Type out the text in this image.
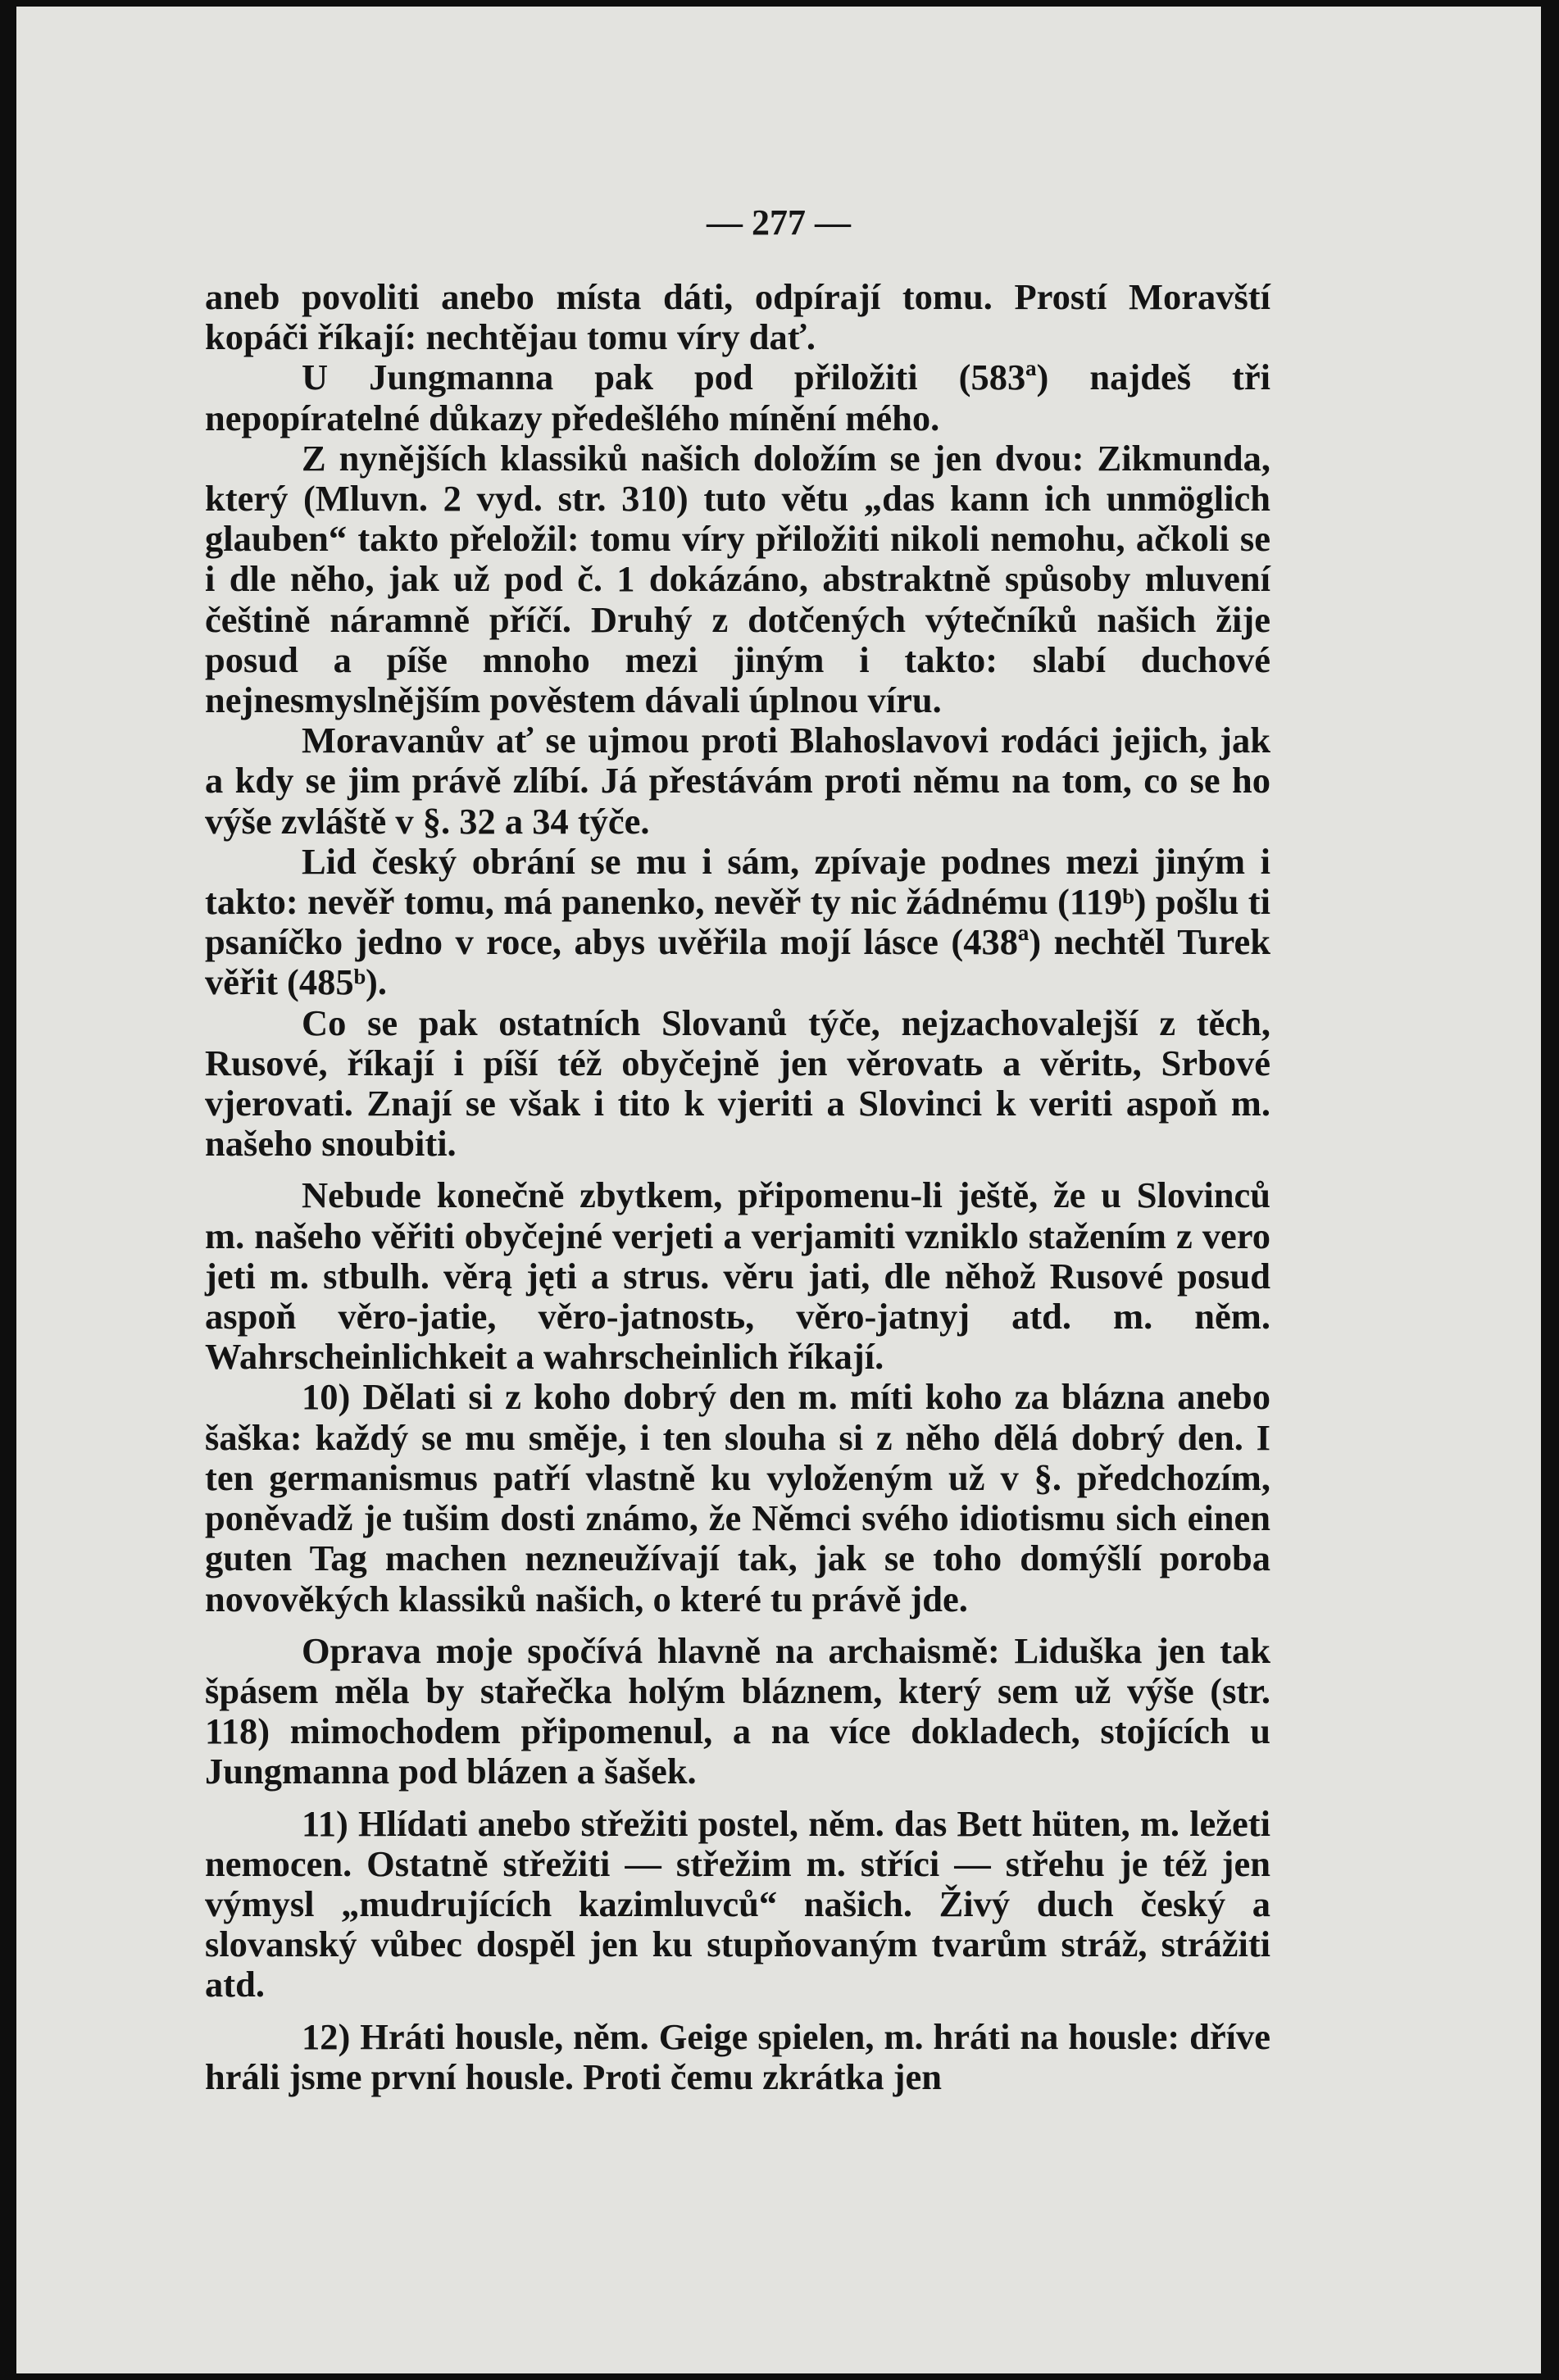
— 277 —

aneb povoliti anebo místa dáti, odpírají tomu. Prostí Moravští kopáči říkají: nechtějau tomu víry dať.

U Jungmanna pak pod přiložiti (583ª) najdeš tři nepopíratelné důkazy předešlého mínění mého.

Z nynějších klassiků našich doložím se jen dvou: Zikmunda, který (Mluvn. 2 vyd. str. 310) tuto větu „das kann ich unmöglich glauben“ takto přeložil: tomu víry přiložiti nikoli nemohu, ačkoli se i dle něho, jak už pod č. 1 dokázáno, abstraktně spůsoby mluvení češtině náramně příčí. Druhý z dotčených výtečníků našich žije posud a píše mnoho mezi jiným i takto: slabí duchové nejnesmyslnějším pověstem dávali úplnou víru.

Moravanův ať se ujmou proti Blahoslavovi rodáci jejich, jak a kdy se jim právě zlíbí. Já přestávám proti němu na tom, co se ho výše zvláště v §. 32 a 34 týče.

Lid český obrání se mu i sám, zpívaje podnes mezi jiným i takto: nevěř tomu, má panenko, nevěř ty nic žádnému (119ᵇ) pošlu ti psaníčko jedno v roce, abys uvěřila mojí lásce (438ª) nechtěl Turek věřit (485ᵇ).

Co se pak ostatních Slovanů týče, nejzachovalejší z těch, Rusové, říkají i píší též obyčejně jen věrovatь a věritь, Srbové vjerovati. Znají se však i tito k vjeriti a Slovinci k veriti aspoň m. našeho snoubiti.

Nebude konečně zbytkem, připomenu-li ještě, že u Slovinců m. našeho věřiti obyčejné verjeti a verjamiti vzniklo stažením z vero jeti m. stbulh. věrą jęti a strus. věru jati, dle něhož Rusové posud aspoň věro-jatie, věro-jatnostь, věro-jatnyj atd. m. něm. Wahrscheinlichkeit a wahrscheinlich říkají.

10) Dělati si z koho dobrý den m. míti koho za blázna anebo šaška: každý se mu směje, i ten slouha si z něho dělá dobrý den. I ten germanismus patří vlastně ku vyloženým už v §. předchozím, poněvadž je tušim dosti známo, že Němci svého idiotismu sich einen guten Tag machen nezneužívají tak, jak se toho domýšlí poroba novověkých klassiků našich, o které tu právě jde.

Oprava moje spočívá hlavně na archaismě: Liduška jen tak špásem měla by stařečka holým bláznem, který sem už výše (str. 118) mimochodem připomenul, a na více dokladech, stojících u Jungmanna pod blázen a šašek.

11) Hlídati anebo střežiti postel, něm. das Bett hüten, m. ležeti nemocen. Ostatně střežiti — střežim m. stříci — střehu je též jen výmysl „mudrujících kazimluvců“ našich. Živý duch český a slovanský vůbec dospěl jen ku stupňovaným tvarům stráž, strážiti atd.

12) Hráti housle, něm. Geige spielen, m. hráti na housle: dříve hráli jsme první housle. Proti čemu zkrátka jen
